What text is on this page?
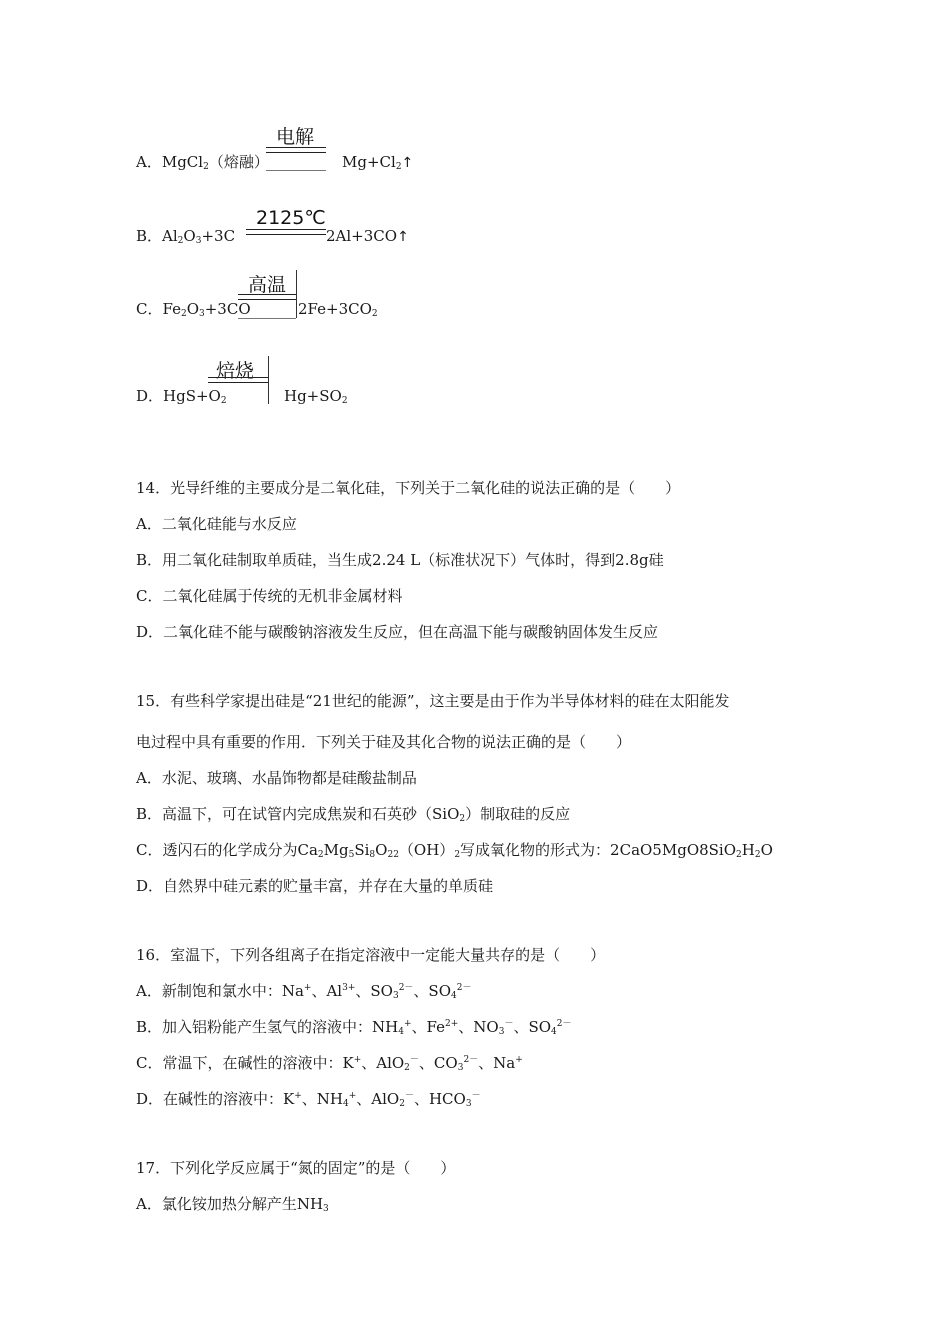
电解
A．MgCl$_2$（熔融）	$Mg+Cl_2↑$
2125℃
B．$Al_2O_3+3C$	2Al+3CO↑
高温
C．$Fe_2O_3+3CO$	$2Fe+3CO_2$
焙烧
D．$HgS+O_2$	$Hg+SO_2$
14．光导纤维的主要成分是二氧化硅，下列关于二氧化硅的说法正确的是（　　）
A．二氧化硅能与水反应
B．用二氧化硅制取单质硅，当生成2.24 L（标准状况下）气体时，得到2.8g硅
C．二氧化硅属于传统的无机非金属材料
D．二氧化硅不能与碳酸钠溶液发生反应，但在高温下能与碳酸钠固体发生反应
15．有些科学家提出硅是“21世纪的能源”，这主要是由于作为半导体材料的硅在太阳能发
电过程中具有重要的作用．下列关于硅及其化合物的说法正确的是（　　）
A．水泥、玻璃、水晶饰物都是硅酸盐制品
B．高温下，可在试管内完成焦炭和石英砂（SiO$_2$）制取硅的反应
C．透闪石的化学成分为$Ca_2Mg_5Si_8O_{22}(OH)_2$写成氧化物的形式为：$2CaO5MgO8SiO_2H_2O$
D．自然界中硅元素的贮量丰富，并存在大量的单质硅
16．室温下，下列各组离子在指定溶液中一定能大量共存的是（　　）
A．新制饱和氯水中：Na+、$Al^{3+}$、$SO_3^{2-}$、$SO_4^{2-}$
B．加入铝粉能产生氢气的溶液中：$NH_4^+$、$Fe^{2+}$、$NO_3^-$、$SO_4^{2-}$
C．常温下，在碱性的溶液中：K+、AlO$_2$－、$CO_3^{2-}$、Na+
D．在碱性的溶液中：K+、$NH_4^+$、AlO$_2$－、$HCO_3^-$
17．下列化学反应属于“氮的固定”的是（　　）
A．氯化铵加热分解产生$NH_3$
